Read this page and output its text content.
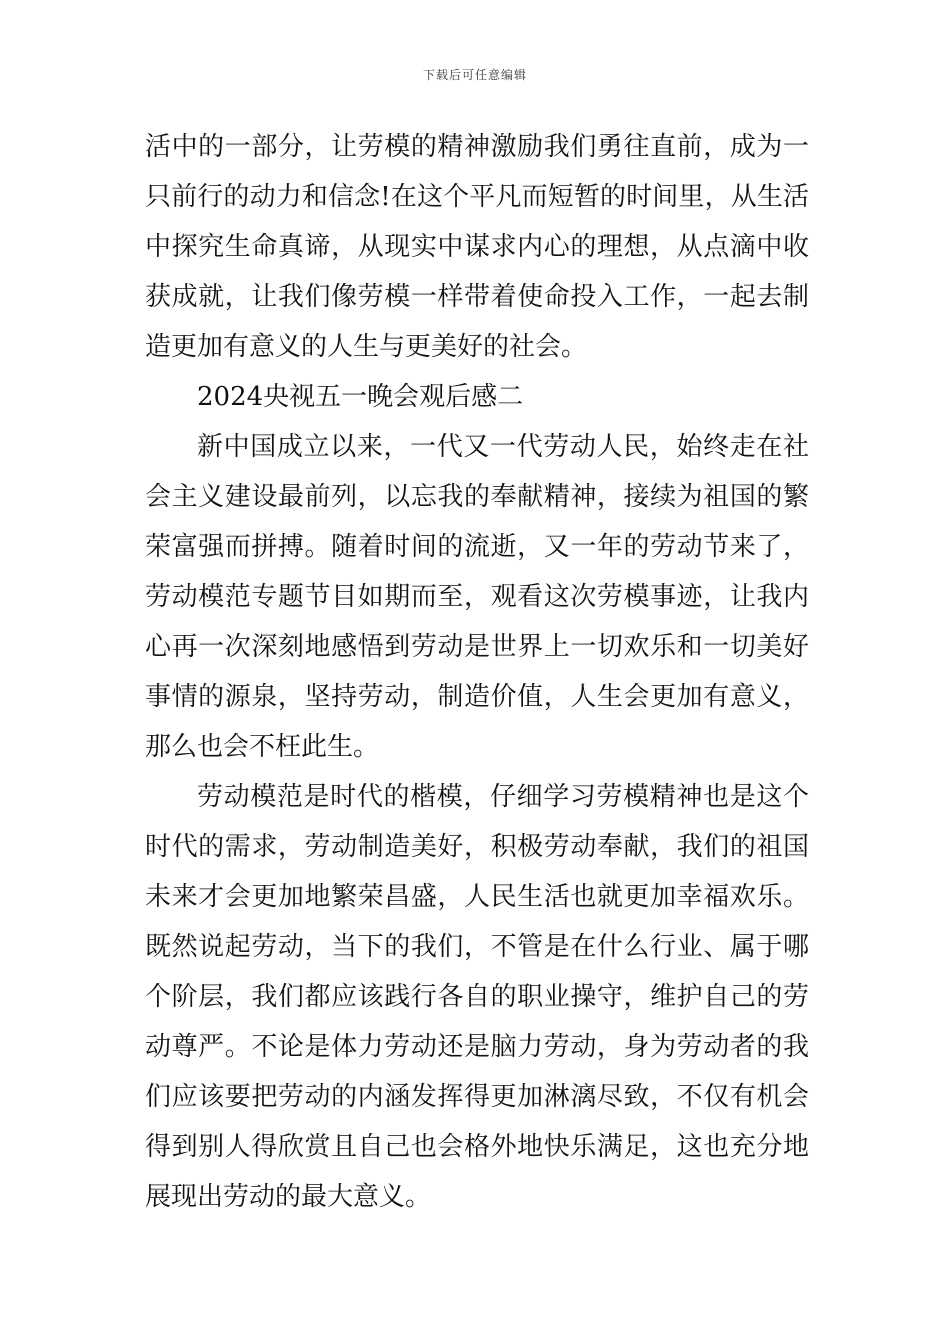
下载后可任意编辑
活中的一部分，让劳模的精神激励我们勇往直前，成为一
只前行的动力和信念!在这个平凡而短暂的时间里，从生活
中探究生命真谛，从现实中谋求内心的理想，从点滴中收
获成就，让我们像劳模一样带着使命投入工作，一起去制
造更加有意义的人生与更美好的社会。
2024央视五一晚会观后感二
新中国成立以来，一代又一代劳动人民，始终走在社
会主义建设最前列，以忘我的奉献精神，接续为祖国的繁
荣富强而拼搏。随着时间的流逝，又一年的劳动节来了，
劳动模范专题节目如期而至，观看这次劳模事迹，让我内
心再一次深刻地感悟到劳动是世界上一切欢乐和一切美好
事情的源泉，坚持劳动，制造价值，人生会更加有意义，
那么也会不枉此生。
劳动模范是时代的楷模，仔细学习劳模精神也是这个
时代的需求，劳动制造美好，积极劳动奉献，我们的祖国
未来才会更加地繁荣昌盛，人民生活也就更加幸福欢乐。
既然说起劳动，当下的我们，不管是在什么行业、属于哪
个阶层，我们都应该践行各自的职业操守，维护自己的劳
动尊严。不论是体力劳动还是脑力劳动，身为劳动者的我
们应该要把劳动的内涵发挥得更加淋漓尽致，不仅有机会
得到别人得欣赏且自己也会格外地快乐满足，这也充分地
展现出劳动的最大意义。
